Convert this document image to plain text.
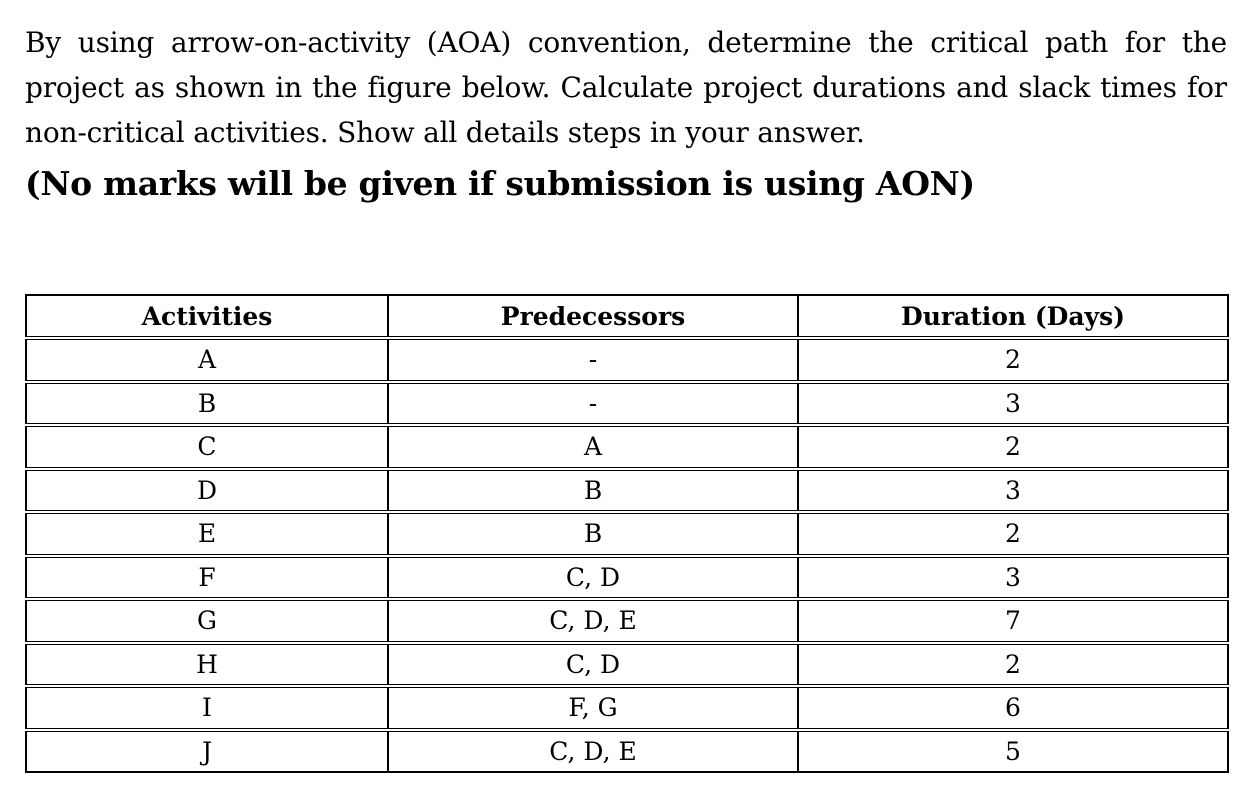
By using arrow-on-activity (AOA) convention, determine the critical path for the
project as shown in the figure below. Calculate project durations and slack times for
non-critical activities. Show all details steps in your answer.
(No marks will be given if submission is using AON)
Activities	Predecessors	Duration (Days)
A	-	2
B	-	3
C	A	2
D	B	3
E	B	2
F	C, D	3
G	C, D, E	7
H	C, D	2
I	F, G	6
J	C, D, E	5
